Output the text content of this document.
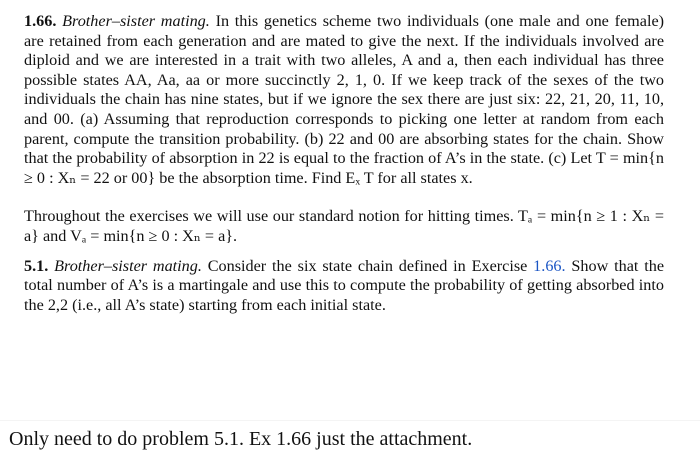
1.66. Brother–sister mating. In this genetics scheme two individuals (one male and one female) are retained from each generation and are mated to give the next. If the individuals involved are diploid and we are interested in a trait with two alleles, A and a, then each individual has three possible states AA, Aa, aa or more succinctly 2, 1, 0. If we keep track of the sexes of the two individuals the chain has nine states, but if we ignore the sex there are just six: 22, 21, 20, 11, 10, and 00. (a) Assuming that reproduction corresponds to picking one letter at random from each parent, compute the transition probability. (b) 22 and 00 are absorbing states for the chain. Show that the probability of absorption in 22 is equal to the fraction of A’s in the state. (c) Let T = min{n ≥ 0 : Xₙ = 22 or 00} be the absorption time. Find Eₓ T for all states x.

Throughout the exercises we will use our standard notion for hitting times. Tₐ = min{n ≥ 1 : Xₙ = a} and Vₐ = min{n ≥ 0 : Xₙ = a}.

5.1. Brother–sister mating. Consider the six state chain defined in Exercise 1.66. Show that the total number of A’s is a martingale and use this to compute the probability of getting absorbed into the 2,2 (i.e., all A’s state) starting from each initial state.

Only need to do problem 5.1. Ex 1.66 just the attachment.
